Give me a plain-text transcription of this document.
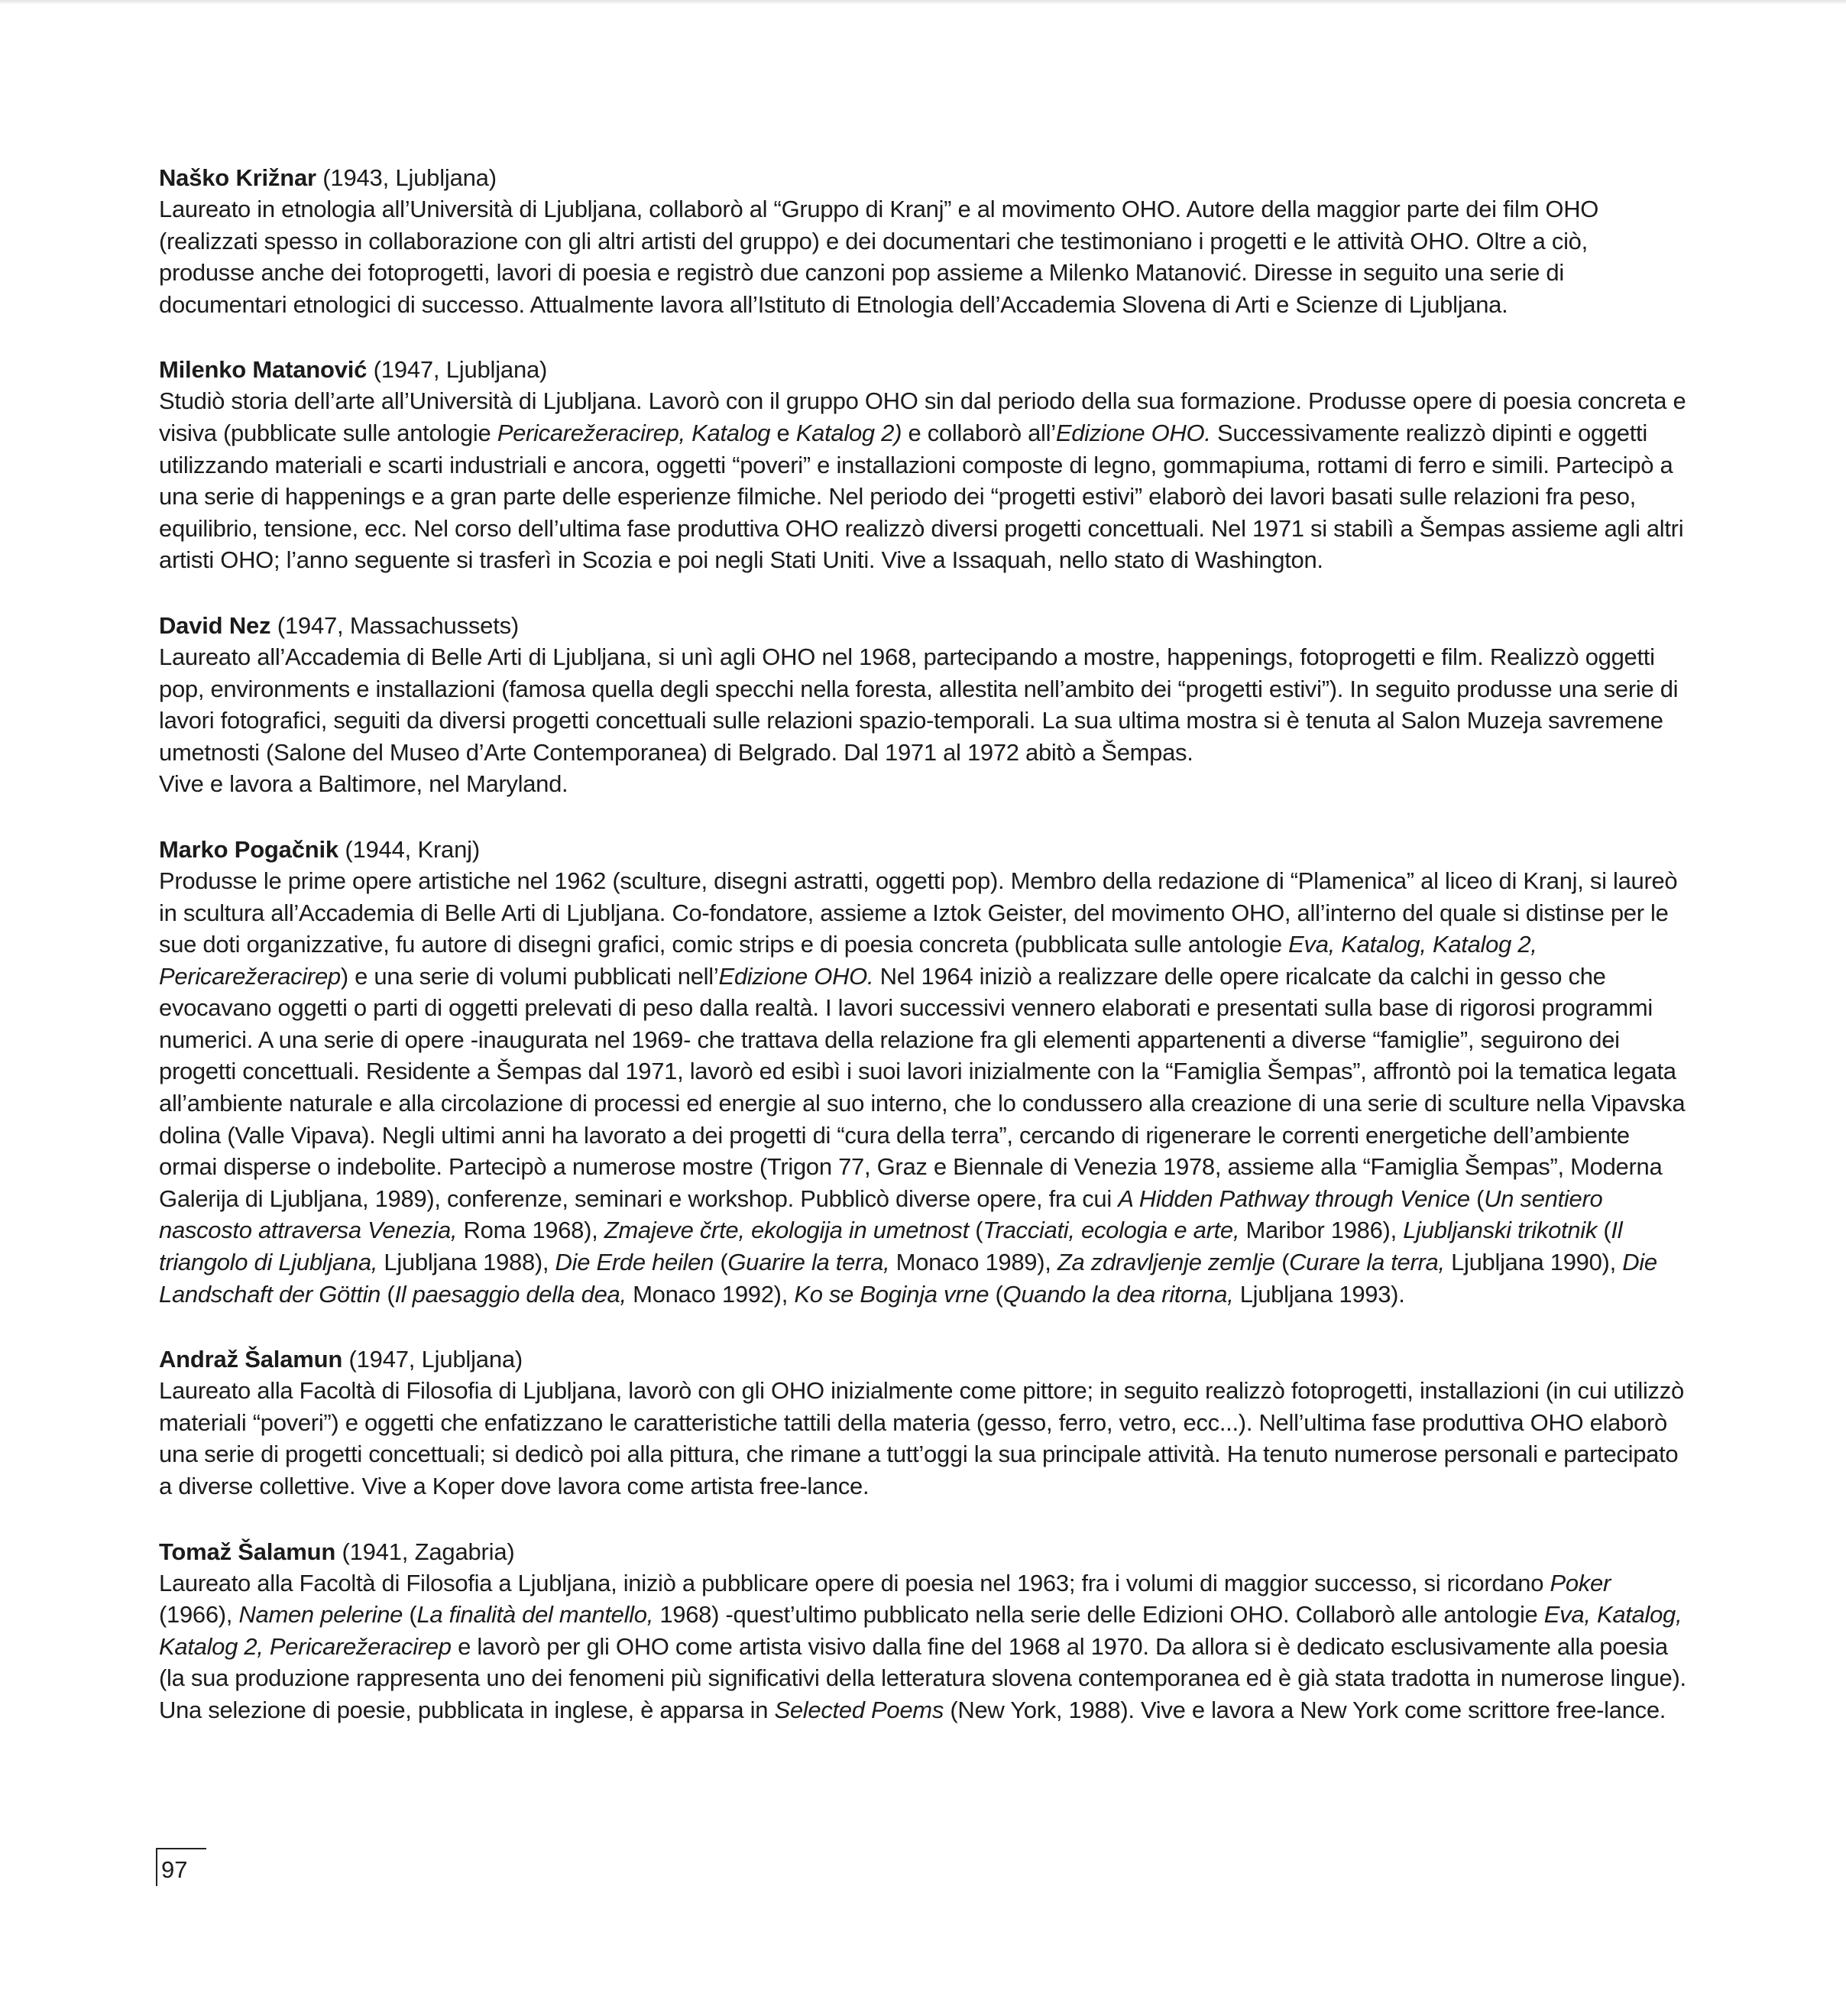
Naško Križnar (1943, Ljubljana)
Laureato in etnologia all’Università di Ljubljana, collaborò al “Gruppo di Kranj” e al movimento OHO. Autore della maggior parte dei film OHO (realizzati spesso in collaborazione con gli altri artisti del gruppo) e dei documentari che testimoniano i progetti e le attività OHO. Oltre a ciò, produsse anche dei fotoprogetti, lavori di poesia e registrò due canzoni pop assieme a Milenko Matanović. Diresse in seguito una serie di documentari etnologici di successo. Attualmente lavora all’Istituto di Etnologia dell’Accademia Slovena di Arti e Scienze di Ljubljana.
Milenko Matanović (1947, Ljubljana)
Studiò storia dell’arte all’Università di Ljubljana. Lavorò con il gruppo OHO sin dal periodo della sua formazione. Produsse opere di poesia concreta e visiva (pubblicate sulle antologie Pericarežeracirep, Katalog e Katalog 2) e collaborò all’Edizione OHO. Successivamente realizzò dipinti e oggetti utilizzando materiali e scarti industriali e ancora, oggetti “poveri” e installazioni composte di legno, gommapiuma, rottami di ferro e simili. Partecipò a una serie di happenings e a gran parte delle esperienze filmiche. Nel periodo dei “progetti estivi” elaborò dei lavori basati sulle relazioni fra peso, equilibrio, tensione, ecc. Nel corso dell’ultima fase produttiva OHO realizzò diversi progetti concettuali. Nel 1971 si stabilì a Šempas assieme agli altri artisti OHO; l’anno seguente si trasferì in Scozia e poi negli Stati Uniti. Vive a Issaquah, nello stato di Washington.
David Nez (1947, Massachussets)
Laureato all’Accademia di Belle Arti di Ljubljana, si unì agli OHO nel 1968, partecipando a mostre, happenings, fotoprogetti e film. Realizzò oggetti pop, environments e installazioni (famosa quella degli specchi nella foresta, allestita nell’ambito dei “progetti estivi”). In seguito produsse una serie di lavori fotografici, seguiti da diversi progetti concettuali sulle relazioni spazio-temporali. La sua ultima mostra si è tenuta al Salon Muzeja savremene umetnosti (Salone del Museo d’Arte Contemporanea) di Belgrado. Dal 1971 al 1972 abitò a Šempas.
Vive e lavora a Baltimore, nel Maryland.
Marko Pogačnik (1944, Kranj)
Produsse le prime opere artistiche nel 1962 (sculture, disegni astratti, oggetti pop). Membro della redazione di “Plamenica” al liceo di Kranj, si laureò in scultura all’Accademia di Belle Arti di Ljubljana. Co-fondatore, assieme a Iztok Geister, del movimento OHO, all’interno del quale si distinse per le sue doti organizzative, fu autore di disegni grafici, comic strips e di poesia concreta (pubblicata sulle antologie Eva, Katalog, Katalog 2, Pericarežeracirep) e una serie di volumi pubblicati nell’Edizione OHO. Nel 1964 iniziò a realizzare delle opere ricalcate da calchi in gesso che evocavano oggetti o parti di oggetti prelevati di peso dalla realtà. I lavori successivi vennero elaborati e presentati sulla base di rigorosi programmi numerici. A una serie di opere -inaugurata nel 1969- che trattava della relazione fra gli elementi appartenenti a diverse “famiglie”, seguirono dei progetti concettuali. Residente a Šempas dal 1971, lavorò ed esibì i suoi lavori inizialmente con la “Famiglia Šempas”, affrontò poi la tematica legata all’ambiente naturale e alla circolazione di processi ed energie al suo interno, che lo condussero alla creazione di una serie di sculture nella Vipavska dolina (Valle Vipava). Negli ultimi anni ha lavorato a dei progetti di “cura della terra”, cercando di rigenerare le correnti energetiche dell’ambiente ormai disperse o indebolite. Partecipò a numerose mostre (Trigon 77, Graz e Biennale di Venezia 1978, assieme alla “Famiglia Šempas”, Moderna Galerija di Ljubljana, 1989), conferenze, seminari e workshop. Pubblicò diverse opere, fra cui A Hidden Pathway through Venice (Un sentiero nascosto attraversa Venezia, Roma 1968), Zmajeve črte, ekologija in umetnost (Tracciati, ecologia e arte, Maribor 1986), Ljubljanski trikotnik (Il triangolo di Ljubljana, Ljubljana 1988), Die Erde heilen (Guarire la terra, Monaco 1989), Za zdravljenje zemlje (Curare la terra, Ljubljana 1990), Die Landschaft der Göttin (Il paesaggio della dea, Monaco 1992), Ko se Boginja vrne (Quando la dea ritorna, Ljubljana 1993).
Andraž Šalamun (1947, Ljubljana)
Laureato alla Facoltà di Filosofia di Ljubljana, lavorò con gli OHO inizialmente come pittore; in seguito realizzò fotoprogetti, installazioni (in cui utilizzò materiali “poveri”) e oggetti che enfatizzano le caratteristiche tattili della materia (gesso, ferro, vetro, ecc...). Nell’ultima fase produttiva OHO elaborò una serie di progetti concettuali; si dedicò poi alla pittura, che rimane a tutt’oggi la sua principale attività. Ha tenuto numerose personali e partecipato a diverse collettive. Vive a Koper dove lavora come artista free-lance.
Tomaž Šalamun (1941, Zagabria)
Laureato alla Facoltà di Filosofia a Ljubljana, iniziò a pubblicare opere di poesia nel 1963; fra i volumi di maggior successo, si ricordano Poker (1966), Namen pelerine (La finalità del mantello, 1968) -quest’ultimo pubblicato nella serie delle Edizioni OHO. Collaborò alle antologie Eva, Katalog, Katalog 2, Pericarežeracirep e lavorò per gli OHO come artista visivo dalla fine del 1968 al 1970. Da allora si è dedicato esclusivamente alla poesia (la sua produzione rappresenta uno dei fenomeni più significativi della letteratura slovena contemporanea ed è già stata tradotta in numerose lingue). Una selezione di poesie, pubblicata in inglese, è apparsa in Selected Poems (New York, 1988). Vive e lavora a New York come scrittore free-lance.
97
